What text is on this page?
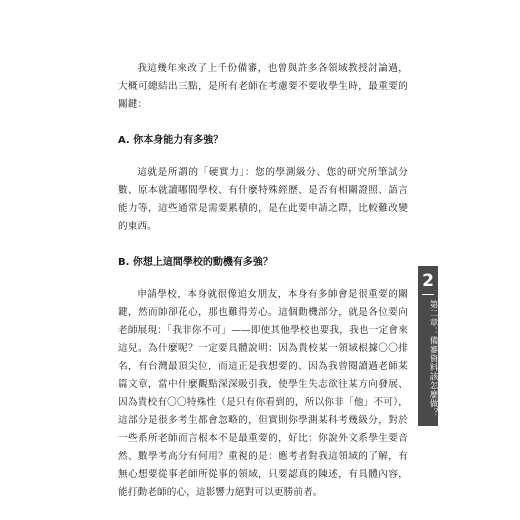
我這幾年來改了上千份備審，也曾與許多各領域教授討論過，大概可總結出三點，是所有老師在考慮要不要收學生時，最重要的關鍵：

A. 你本身能力有多強？

這就是所謂的「硬實力」：您的學測級分、您的研究所筆試分數、原本就讀哪間學校、有什麼特殊經歷、是否有相關證照、語言能力等，這些通常是需要累積的，是在此要申請之際，比較難改變的東西。

B. 你想上這間學校的動機有多強？

申請學校，本身就很像追女朋友，本身有多帥會是很重要的關鍵，然而帥卻花心，那也難得芳心。這個動機部分，就是各位要向老師展現：「我非你不可」——即使其他學校也要我，我也一定會來這兒。為什麼呢？一定要具體說明：因為貴校某一領域根據〇〇排名，有台灣最頂尖位，而這正是我想要的、因為我曾閱讀過老師某篇文章，當中什麼觀點深深吸引我，使學生失志欲往某方向發展、因為貴校有〇〇特殊性（是只有你看到的，所以你非「他」不可），這部分是很多考生都會忽略的，但實則你學測某科考幾級分，對於一些系所老師而言根本不是最重要的，好比：你說外文系學生要音然、數學考高分有何用？重視的是：應考者對我這領域的了解，有無心想要從事老師所從事的領域，只要認真的陳述，有具體內容，能打動老師的心，這影響力絕對可以更勝前者。

2
第二章：備審資料該怎麼做？
